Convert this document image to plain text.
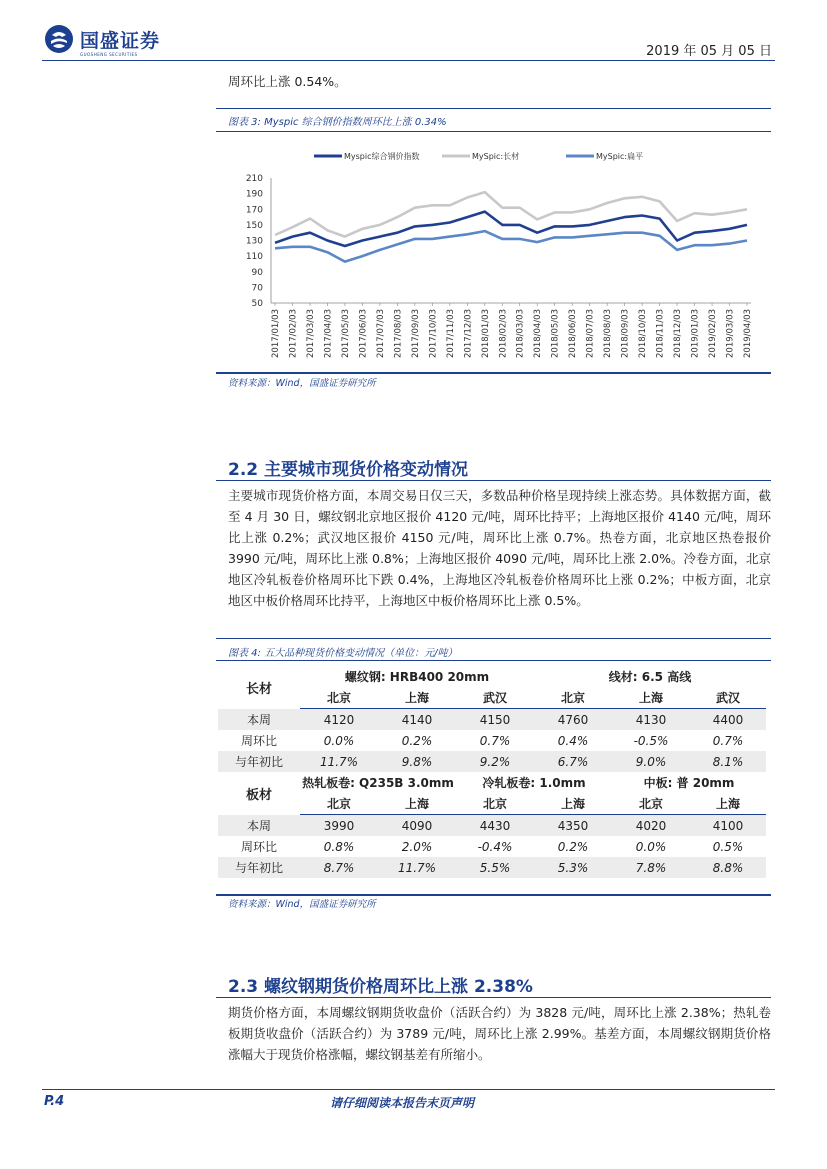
国盛证券
GUOSHENG SECURITIES	2019 年 05 月 05 日
周环比上涨 0.54%。
图表 3: Myspic 综合钢价指数周环比上涨 0.34%
Myspic综合钢价指数	MySpic:长材	MySpic:扁平
50
70
90
110
130
150
170
190
210
2017/01/03 2017/02/03 2017/03/03 2017/04/03 2017/05/03 2017/06/03 2017/07/03 2017/08/03 2017/09/03 2017/10/03 2017/11/03 2017/12/03 2018/01/03 2018/02/03 2018/03/03 2018/04/03 2018/05/03 2018/06/03 2018/07/03 2018/08/03 2018/09/03 2018/10/03 2018/11/03 2018/12/03 2019/01/03 2019/02/03 2019/03/03 2019/04/03
资料来源：Wind，国盛证券研究所
2.2 主要城市现货价格变动情况
主要城市现货价格方面，本周交易日仅三天，多数品种价格呈现持续上涨态势。具体数据方面，截至 4 月 30 日，螺纹钢北京地区报价 4120 元/吨，周环比持平；上海地区报价 4140 元/吨，周环比上涨 0.2%；武汉地区报价 4150 元/吨，周环比上涨 0.7%。热卷方面，北京地区热卷报价 3990 元/吨，周环比上涨 0.8%；上海地区报价 4090 元/吨，周环比上涨 2.0%。冷卷方面，北京地区冷轧板卷价格周环比下跌 0.4%，上海地区冷轧板卷价格周环比上涨 0.2%；中板方面，北京地区中板价格周环比持平，上海地区中板价格周环比上涨 0.5%。
图表 4: 五大品种现货价格变动情况（单位：元/吨）
长材	螺纹钢: HRB400 20mm			线材: 6.5 高线		
	北京	上海	武汉	北京	上海	武汉
本周	4120	4140	4150	4760	4130	4400
周环比	0.0%	0.2%	0.7%	0.4%	-0.5%	0.7%
与年初比	11.7%	9.8%	9.2%	6.7%	9.0%	8.1%
板材	热轧板卷: Q235B 3.0mm		冷轧板卷: 1.0mm		中板: 普 20mm	
	北京	上海	北京	上海	北京	上海
本周	3990	4090	4430	4350	4020	4100
周环比	0.8%	2.0%	-0.4%	0.2%	0.0%	0.5%
与年初比	8.7%	11.7%	5.5%	5.3%	7.8%	8.8%
资料来源：Wind，国盛证券研究所
2.3 螺纹钢期货价格周环比上涨 2.38%
期货价格方面，本周螺纹钢期货收盘价（活跃合约）为 3828 元/吨，周环比上涨 2.38%；热轧卷板期货收盘价（活跃合约）为 3789 元/吨，周环比上涨 2.99%。基差方面，本周螺纹钢期货价格涨幅大于现货价格涨幅，螺纹钢基差有所缩小。
P.4	请仔细阅读本报告末页声明
